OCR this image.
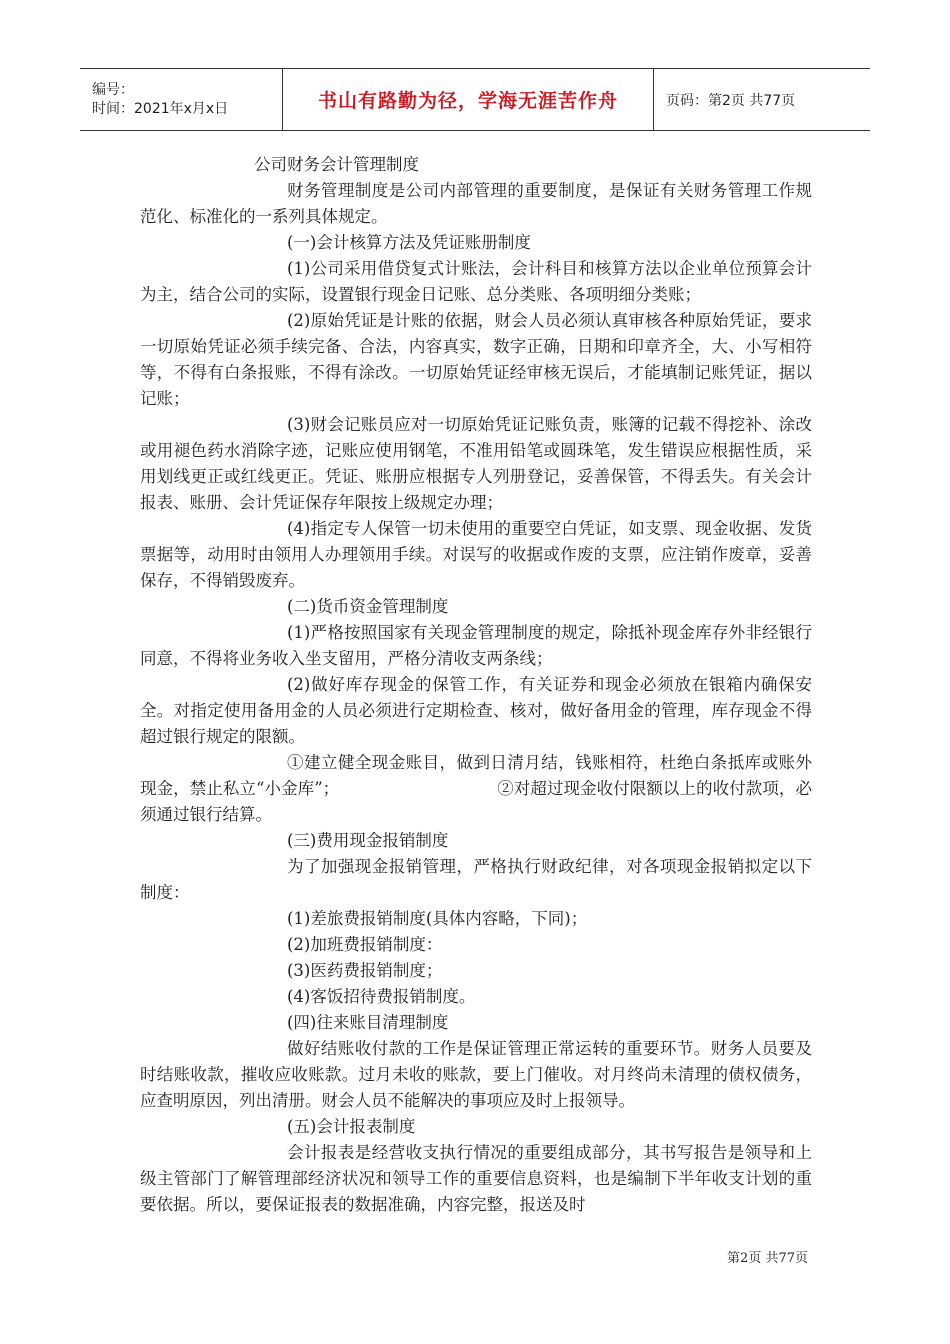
编号：
时间：2021年x月x日	书山有路勤为径，学海无涯苦作舟	页码：第2页 共77页

公司财务会计管理制度

财务管理制度是公司内部管理的重要制度，是保证有关财务管理工作规范化、标准化的一系列具体规定。

(一)会计核算方法及凭证账册制度

(1)公司采用借贷复式计账法，会计科目和核算方法以企业单位预算会计为主，结合公司的实际，设置银行现金日记账、总分类账、各项明细分类账；

(2)原始凭证是计账的依据，财会人员必须认真审核各种原始凭证，要求一切原始凭证必须手续完备、合法，内容真实，数字正确，日期和印章齐全，大、小写相符等，不得有白条报账，不得有涂改。一切原始凭证经审核无误后，才能填制记账凭证，据以记账；

(3)财会记账员应对一切原始凭证记账负责，账簿的记载不得挖补、涂改或用褪色药水消除字迹，记账应使用钢笔，不准用铅笔或圆珠笔，发生错误应根据性质，采用划线更正或红线更正。凭证、账册应根据专人列册登记，妥善保管，不得丢失。有关会计报表、账册、会计凭证保存年限按上级规定办理；

(4)指定专人保管一切未使用的重要空白凭证，如支票、现金收据、发货票据等，动用时由领用人办理领用手续。对误写的收据或作废的支票，应注销作废章，妥善保存，不得销毁废弃。

(二)货币资金管理制度

(1)严格按照国家有关现金管理制度的规定，除抵补现金库存外非经银行同意，不得将业务收入坐支留用，严格分清收支两条线；

(2)做好库存现金的保管工作，有关证券和现金必须放在银箱内确保安全。对指定使用备用金的人员必须进行定期检查、核对，做好备用金的管理，库存现金不得超过银行规定的限额。

①建立健全现金账目，做到日清月结，钱账相符，杜绝白条抵库或账外现金，禁止私立“小金库”；	②对超过现金收付限额以上的收付款项，必须通过银行结算。

(三)费用现金报销制度

为了加强现金报销管理，严格执行财政纪律，对各项现金报销拟定以下制度：

(1)差旅费报销制度(具体内容略，下同)；

(2)加班费报销制度：

(3)医药费报销制度；

(4)客饭招待费报销制度。

(四)往来账目清理制度

做好结账收付款的工作是保证管理正常运转的重要环节。财务人员要及时结账收款，摧收应收账款。过月未收的账款，要上门催收。对月终尚未清理的债权债务，应查明原因，列出清册。财会人员不能解决的事项应及时上报领导。

(五)会计报表制度

会计报表是经营收支执行情况的重要组成部分，其书写报告是领导和上级主管部门了解管理部经济状况和领导工作的重要信息资料，也是编制下半年收支计划的重要依据。所以，要保证报表的数据准确，内容完整，报送及时

第2页 共77页
